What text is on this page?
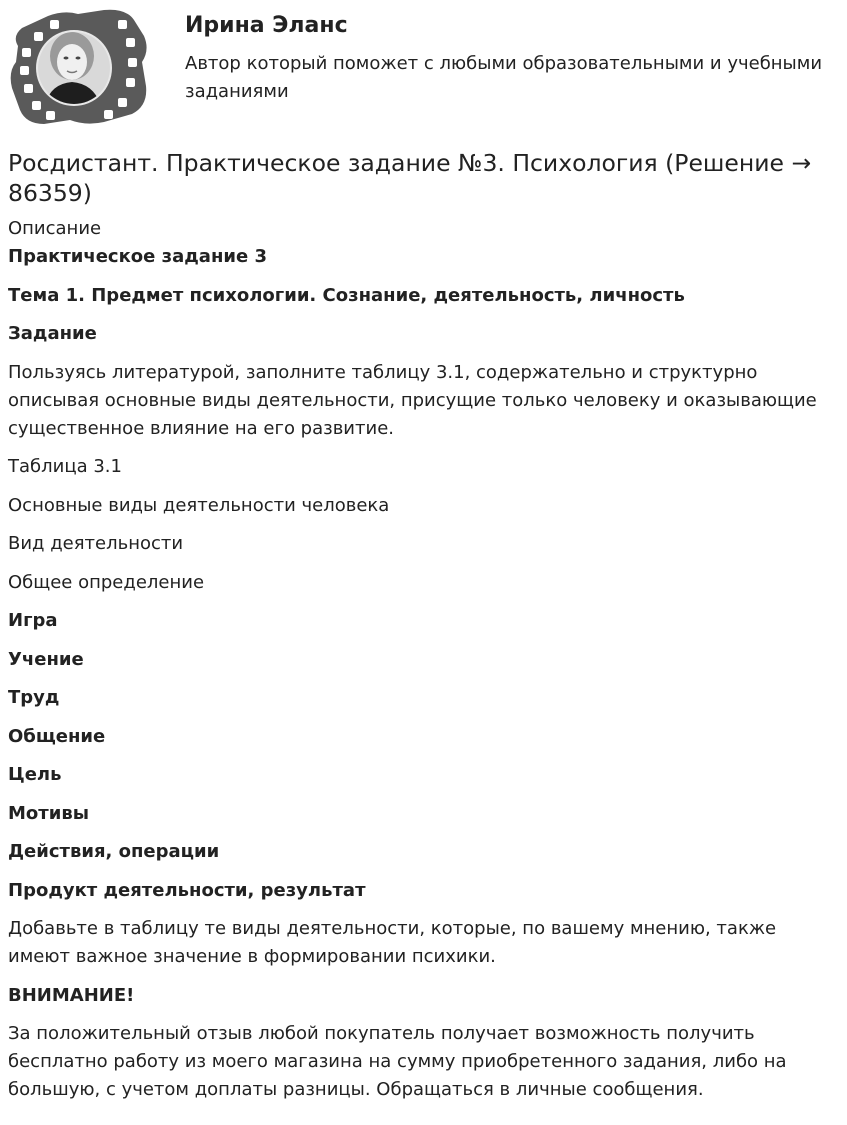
Ирина Эланс
Автор который поможет с любыми образовательными и учебными заданиями
Росдистант. Практическое задание №3. Психология (Решение → 86359)
Описание

Практическое задание 3

Тема 1. Предмет психологии. Сознание, деятельность, личность

Задание

Пользуясь литературой, заполните таблицу 3.1, содержательно и структурно описывая основные виды деятельности, присущие только человеку и оказывающие существенное влияние на его развитие.

Таблица 3.1

Основные виды деятельности человека

Вид деятельности

Общее определение

Игра

Учение

Труд

Общение

Цель

Мотивы

Действия, операции

Продукт деятельности, результат

Добавьте в таблицу те виды деятельности, которые, по вашему мнению, также имеют важное значение в формировании психики.

ВНИМАНИЕ!

За положительный отзыв любой покупатель получает возможность получить бесплатно работу из моего магазина на сумму приобретенного задания, либо на большую, с учетом доплаты разницы. Обращаться в личные сообщения.
